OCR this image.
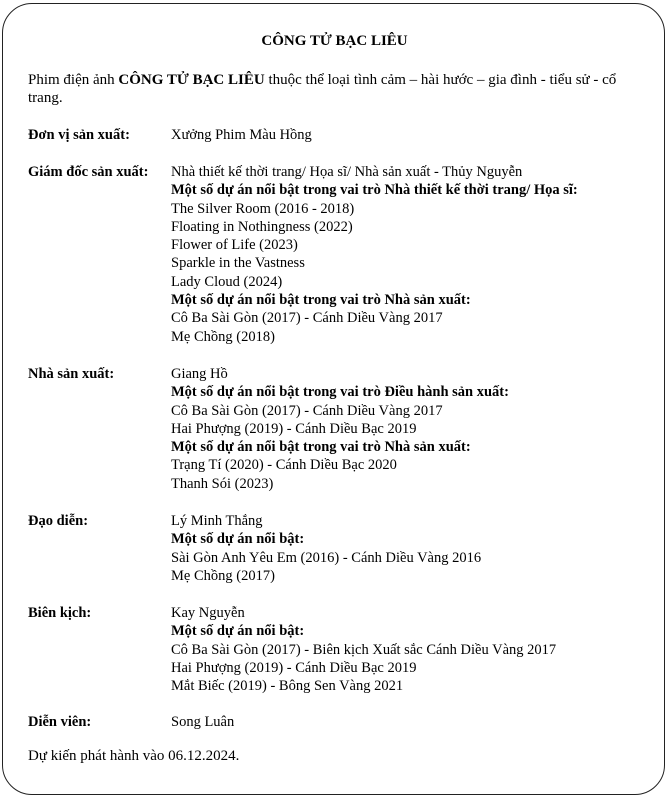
CÔNG TỬ BẠC LIÊU
Phim điện ảnh CÔNG TỬ BẠC LIÊU thuộc thể loại tình cảm – hài hước – gia đình - tiểu sử - cổ trang.
Đơn vị sản xuất:	Xưởng Phim Màu Hồng
Giám đốc sản xuất: Nhà thiết kế thời trang/ Họa sĩ/ Nhà sản xuất - Thủy Nguyễn
Một số dự án nổi bật trong vai trò Nhà thiết kế thời trang/ Họa sĩ:
The Silver Room (2016 - 2018)
Floating in Nothingness (2022)
Flower of Life (2023)
Sparkle in the Vastness
Lady Cloud (2024)
Một số dự án nổi bật trong vai trò Nhà sản xuất:
Cô Ba Sài Gòn (2017) - Cánh Diều Vàng 2017
Mẹ Chồng (2018)
Nhà sản xuất:	Giang Hồ
Một số dự án nổi bật trong vai trò Điều hành sản xuất:
Cô Ba Sài Gòn (2017) - Cánh Diều Vàng 2017
Hai Phượng (2019) - Cánh Diều Bạc 2019
Một số dự án nổi bật trong vai trò Nhà sản xuất:
Trạng Tí (2020) - Cánh Diều Bạc 2020
Thanh Sói (2023)
Đạo diễn:	Lý Minh Thắng
Một số dự án nổi bật:
Sài Gòn Anh Yêu Em (2016) - Cánh Diều Vàng 2016
Mẹ Chồng (2017)
Biên kịch:	Kay Nguyễn
Một số dự án nổi bật:
Cô Ba Sài Gòn (2017) - Biên kịch Xuất sắc Cánh Diều Vàng 2017
Hai Phượng (2019) - Cánh Diều Bạc 2019
Mắt Biếc (2019) - Bông Sen Vàng 2021
Diễn viên:	Song Luân
Dự kiến phát hành vào 06.12.2024.
